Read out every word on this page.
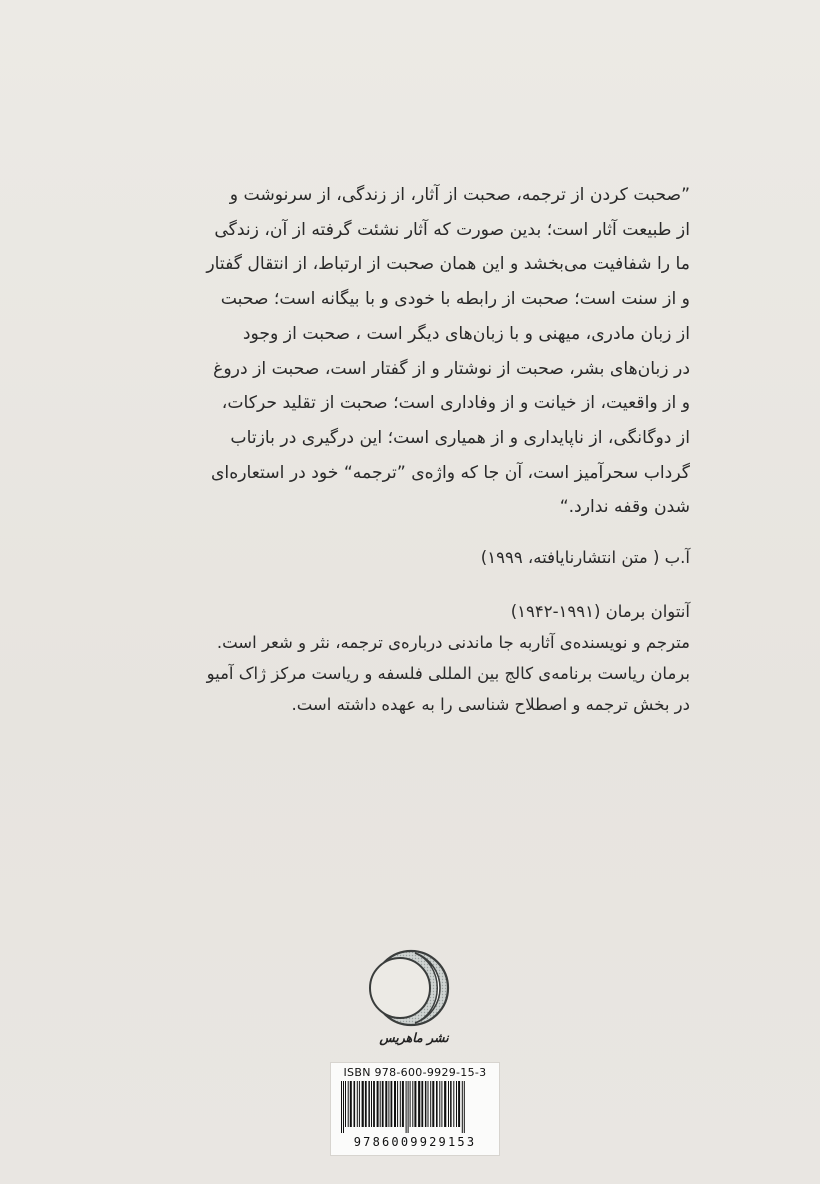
”صحبت کردن از ترجمه، صحبت از آثار، از زندگی، از سرنوشت و

از طبیعت آثار است؛ بدین صورت که آثار نشئت گرفته از آن، زندگی

ما را شفافیت می‌بخشد و این همان صحبت از ارتباط، از انتقال گفتار

و از سنت است؛ صحبت از رابطه با خودی و با بیگانه است؛ صحبت

از زبان مادری، میهنی و با زبان‌های دیگر است ، صحبت از وجود

در زبان‌های بشر، صحبت از نوشتار و از گفتار است، صحبت از دروغ

و از واقعیت، از خیانت و از وفاداری است؛ صحبت از تقلید حرکات،

از دوگانگی، از ناپایداری و از همیاری است؛ این درگیری در بازتاب

گرداب سحرآمیز است، آن جا که واژه‌ی ”ترجمه“ خود در استعاره‌ای

شدن وقفه ندارد.“

آ.ب ( متن انتشارنایافته، ۱۹۹۹)

آنتوان برمان (۱۹۹۱-۱۹۴۲)

مترجم و نویسنده‌ی آثاربه جا ماندنی درباره‌ی ترجمه، نثر و شعر است.

برمان ریاست برنامه‌ی کالج بین المللی فلسفه و ریاست مرکز ژاک آمیو

در بخش ترجمه و اصطلاح شناسی را به عهده داشته است.

نشر ماهریس
ISBN 978-600-9929-15-3
9786009929153
